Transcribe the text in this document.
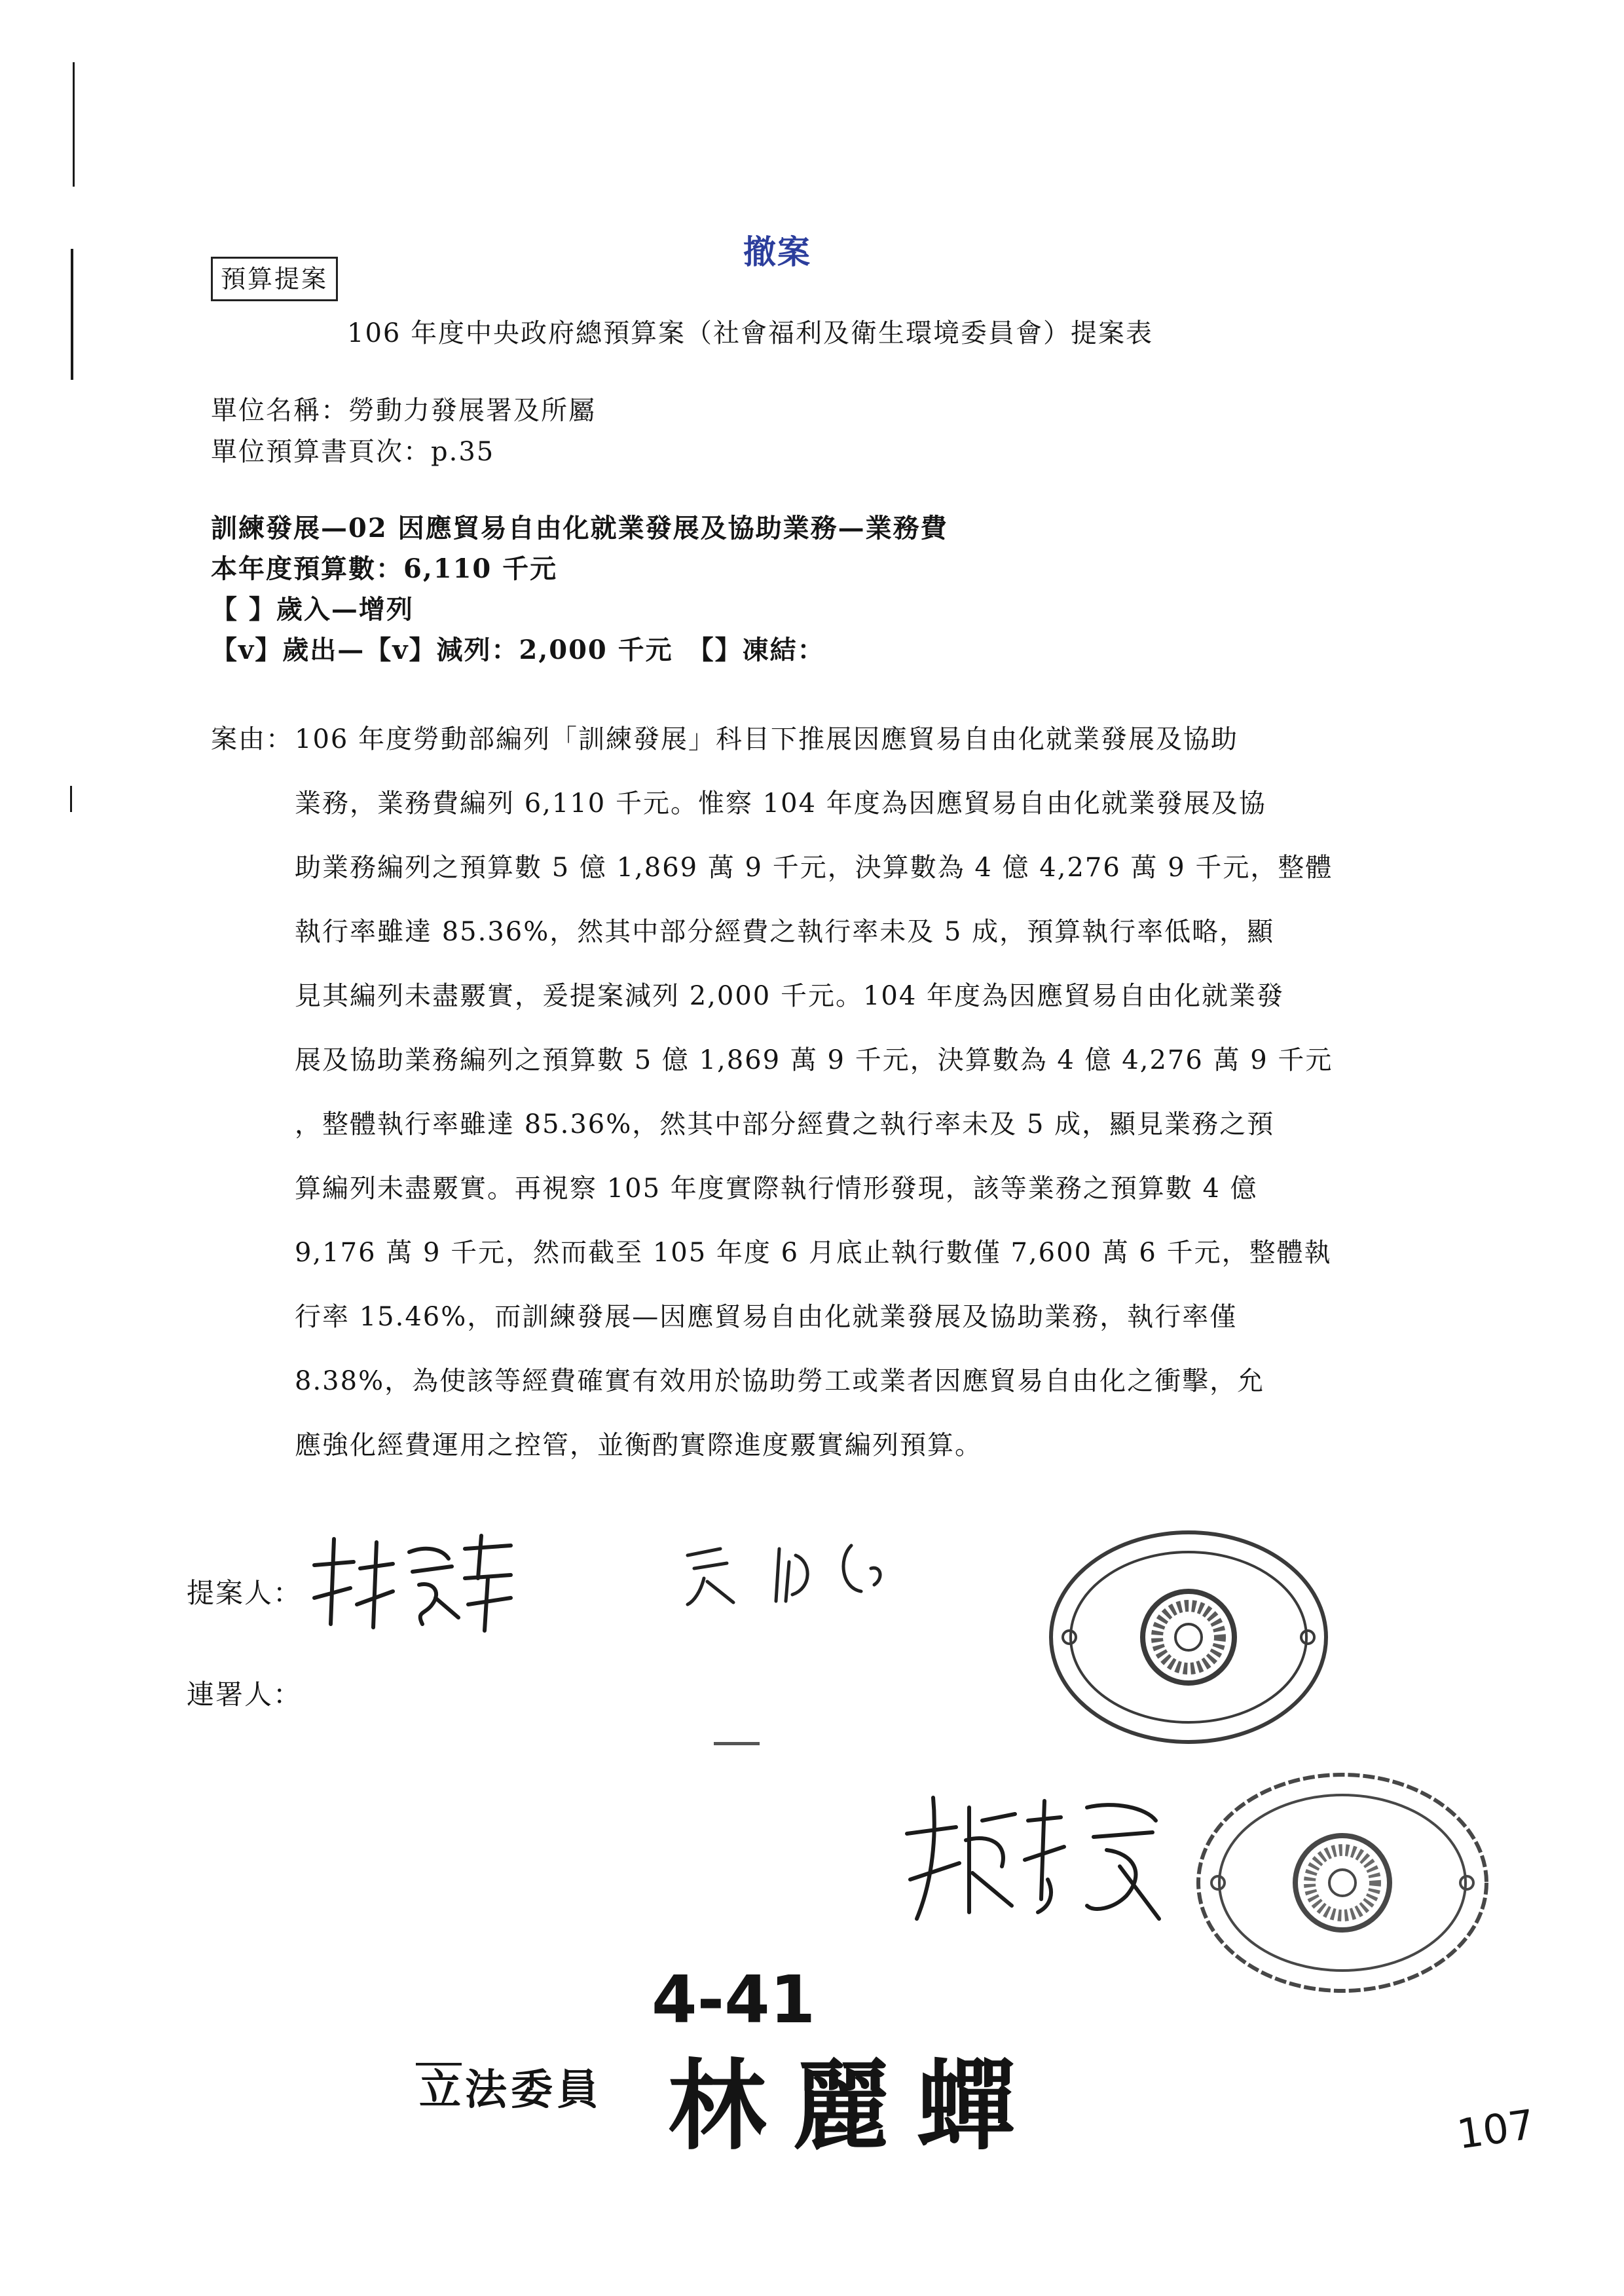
撤案
預算提案
106 年度中央政府總預算案（社會福利及衛生環境委員會）提案表
單位名稱：勞動力發展署及所屬
單位預算書頁次：p.35
訓練發展—02 因應貿易自由化就業發展及協助業務—業務費
本年度預算數：6,110 千元
【 】歲入—增列
【v】歲出—【v】減列：2,000 千元　【】凍結：
案由： 106 年度勞動部編列「訓練發展」科目下推展因應貿易自由化就業發展及協助
業務，業務費編列 6,110 千元。惟察 104 年度為因應貿易自由化就業發展及協
助業務編列之預算數 5 億 1,869 萬 9 千元，決算數為 4 億 4,276 萬 9 千元，整體
執行率雖達 85.36%，然其中部分經費之執行率未及 5 成，預算執行率低略，顯
見其編列未盡覈實，爰提案減列 2,000 千元。104 年度為因應貿易自由化就業發
展及協助業務編列之預算數 5 億 1,869 萬 9 千元，決算數為 4 億 4,276 萬 9 千元
，整體執行率雖達 85.36%，然其中部分經費之執行率未及 5 成，顯見業務之預
算編列未盡覈實。再視察 105 年度實際執行情形發現，該等業務之預算數 4 億
9,176 萬 9 千元，然而截至 105 年度 6 月底止執行數僅 7,600 萬 6 千元，整體執
行率 15.46%，而訓練發展—因應貿易自由化就業發展及協助業務，執行率僅
8.38%，為使該等經費確實有效用於協助勞工或業者因應貿易自由化之衝擊，允
應強化經費運用之控管，並衡酌實際進度覈實編列預算。
提案人：
連署人：
4-41
立法委員 林麗蟬	107
